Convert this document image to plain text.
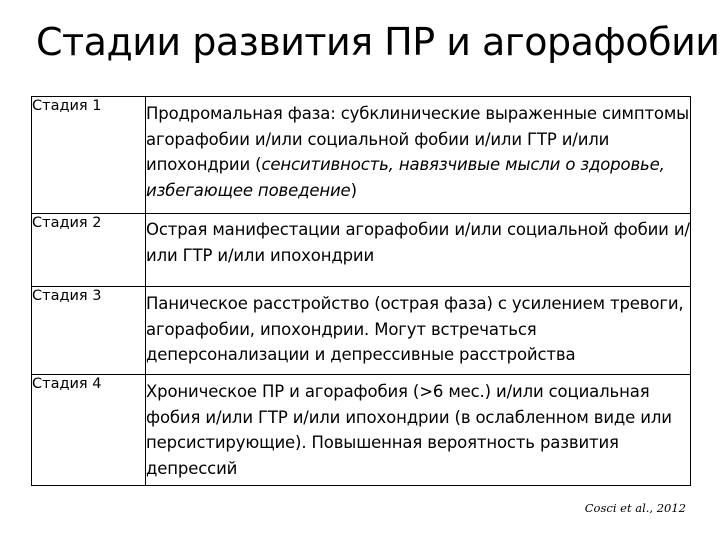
Стадии развития ПР и агорафобии
Стадия 1	Продромальная фаза: субклинические выраженные симптомы агорафобии и/или социальной фобии и/или ГТР и/или ипохондрии (сенситивность, навязчивые мысли о здоровье, избегающее поведение)
Стадия 2	Острая манифестации агорафобии и/или социальной фобии и/или ГТР и/или ипохондрии
Стадия 3	Паническое расстройство (острая фаза) с усилением тревоги, агорафобии, ипохондрии. Могут встречаться деперсонализации и депрессивные расстройства
Стадия 4	Хроническое ПР и агорафобия (>6 мес.) и/или социальная фобия и/или ГТР и/или ипохондрии (в ослабленном виде или персистирующие). Повышенная вероятность развития депрессий
Cosci et al., 2012
